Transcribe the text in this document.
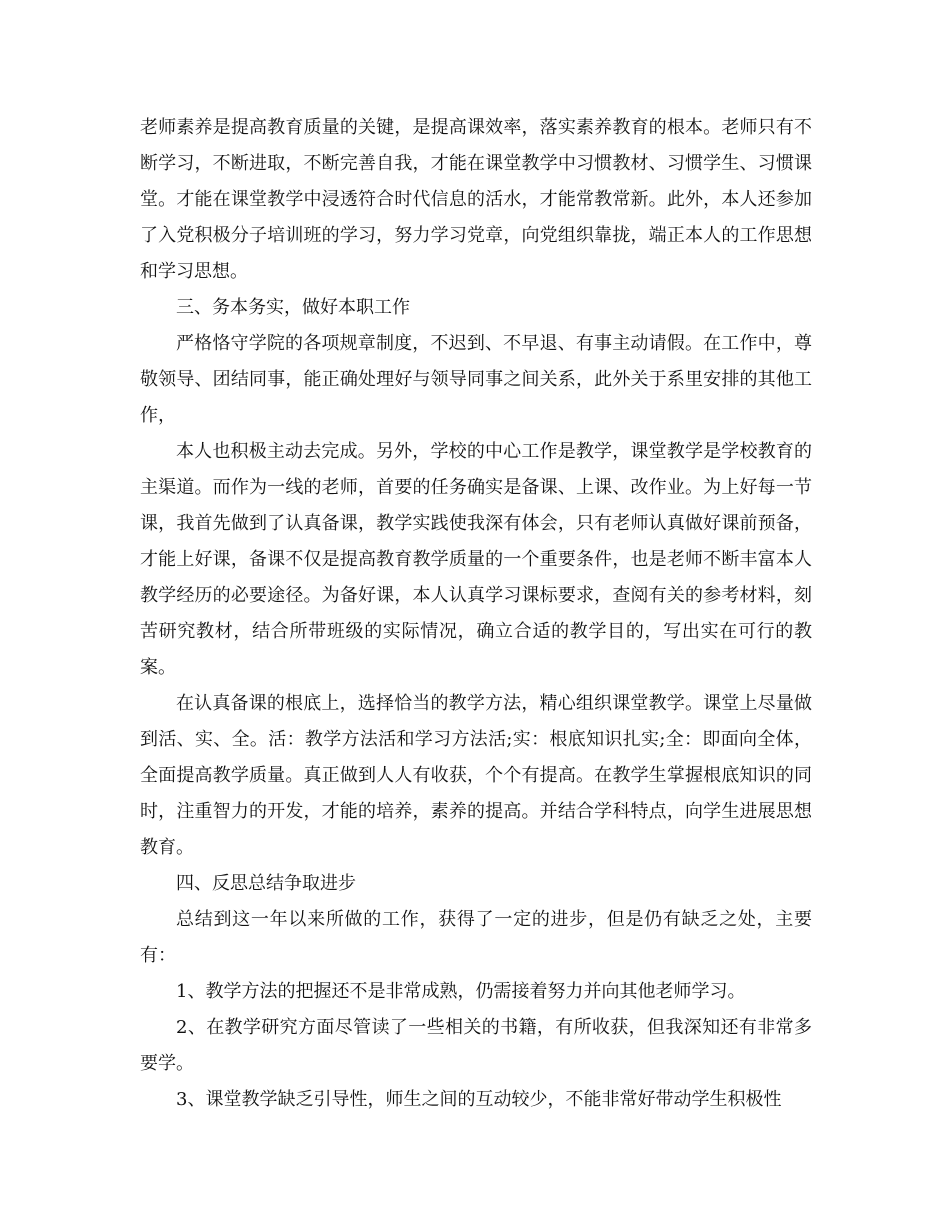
老师素养是提高教育质量的关键，是提高课效率，落实素养教育的根本。老师只有不断学习，不断进取，不断完善自我，才能在课堂教学中习惯教材、习惯学生、习惯课堂。才能在课堂教学中浸透符合时代信息的活水，才能常教常新。此外，本人还参加了入党积极分子培训班的学习，努力学习党章，向党组织靠拢，端正本人的工作思想和学习思想。

三、务本务实，做好本职工作

严格恪守学院的各项规章制度，不迟到、不早退、有事主动请假。在工作中，尊敬领导、团结同事，能正确处理好与领导同事之间关系，此外关于系里安排的其他工作，

本人也积极主动去完成。另外，学校的中心工作是教学，课堂教学是学校教育的主渠道。而作为一线的老师，首要的任务确实是备课、上课、改作业。为上好每一节课，我首先做到了认真备课，教学实践使我深有体会，只有老师认真做好课前预备，才能上好课，备课不仅是提高教育教学质量的一个重要条件，也是老师不断丰富本人教学经历的必要途径。为备好课，本人认真学习课标要求，查阅有关的参考材料，刻苦研究教材，结合所带班级的实际情况，确立合适的教学目的，写出实在可行的教案。

在认真备课的根底上，选择恰当的教学方法，精心组织课堂教学。课堂上尽量做到活、实、全。活：教学方法活和学习方法活;实：根底知识扎实;全：即面向全体，全面提高教学质量。真正做到人人有收获，个个有提高。在教学生掌握根底知识的同时，注重智力的开发，才能的培养，素养的提高。并结合学科特点，向学生进展思想教育。

四、反思总结争取进步

总结到这一年以来所做的工作，获得了一定的进步，但是仍有缺乏之处，主要有：

1、教学方法的把握还不是非常成熟，仍需接着努力并向其他老师学习。

2、在教学研究方面尽管读了一些相关的书籍，有所收获，但我深知还有非常多要学。

3、课堂教学缺乏引导性，师生之间的互动较少，不能非常好带动学生积极性
